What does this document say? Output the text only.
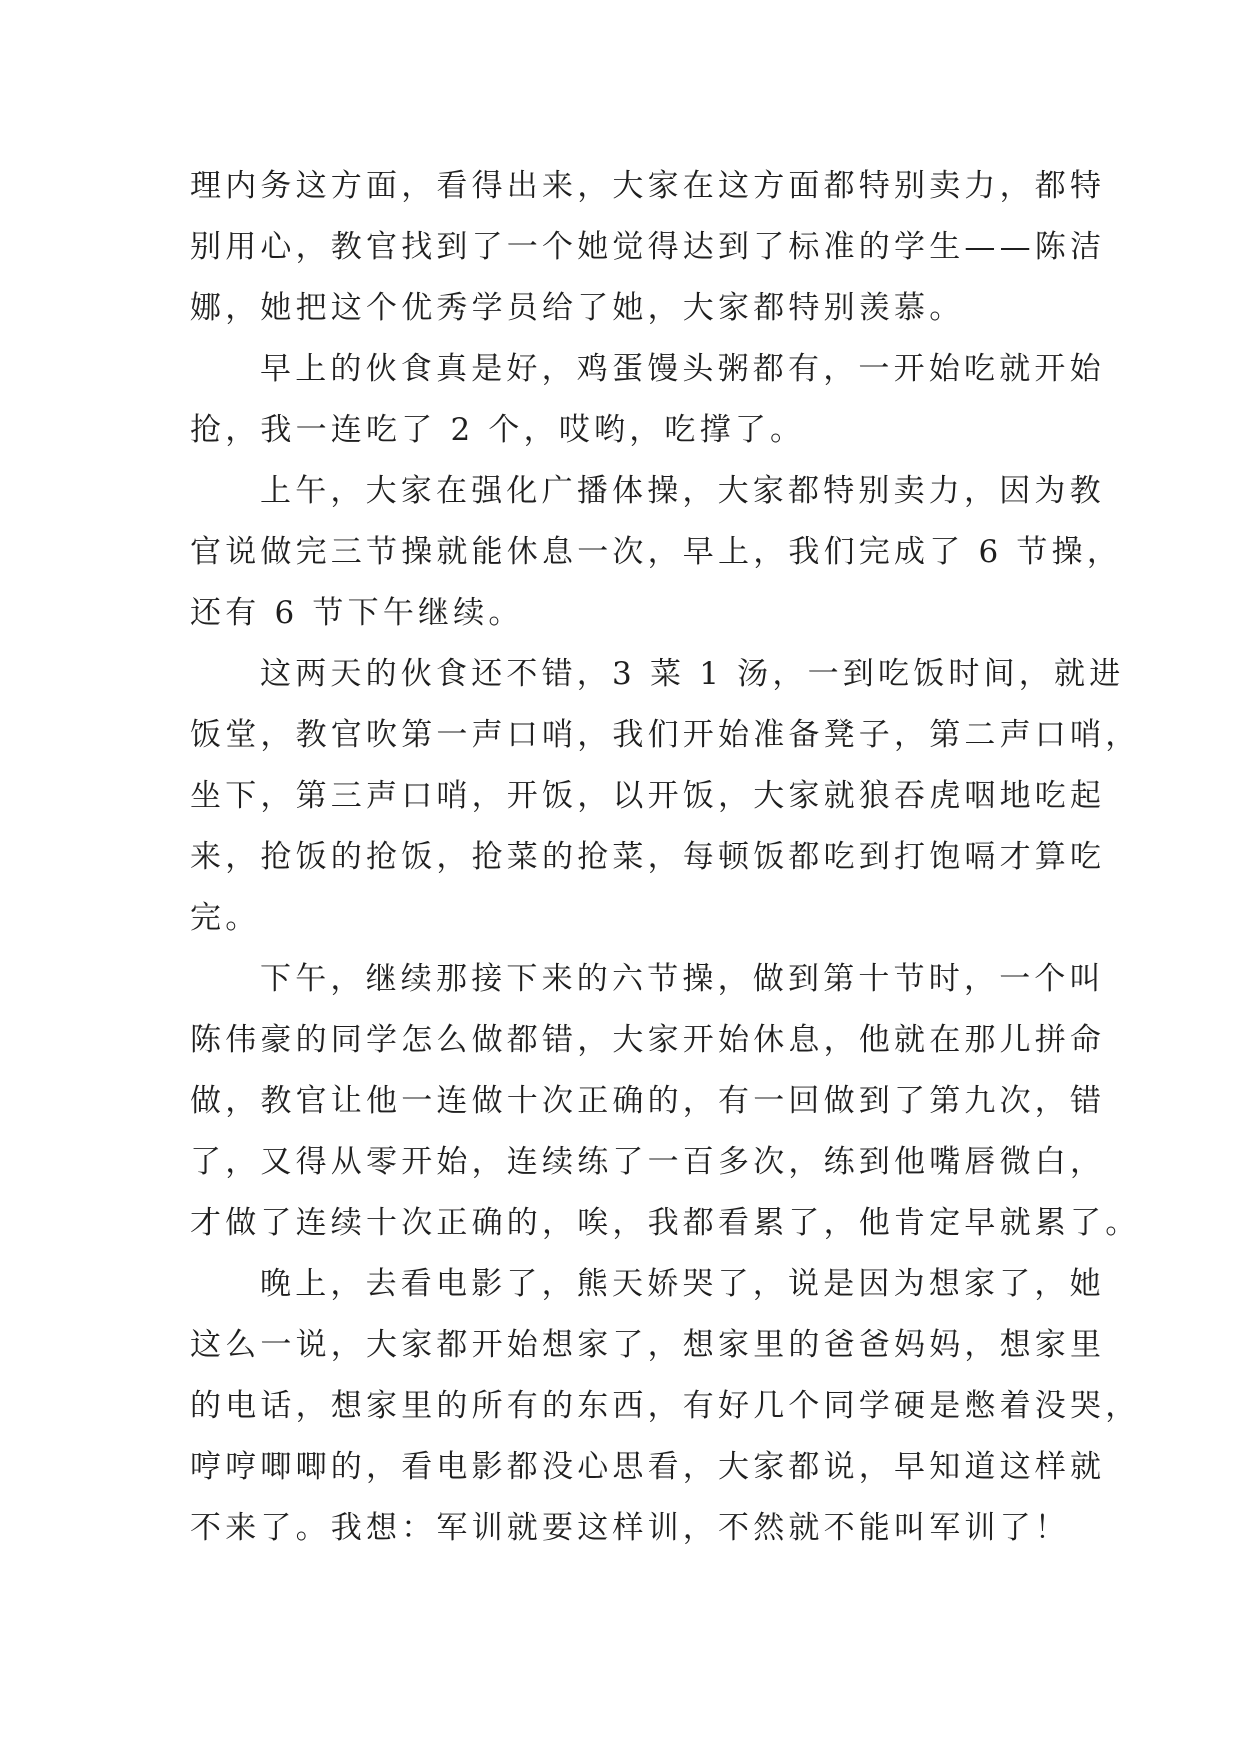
理内务这方面，看得出来，大家在这方面都特别卖力，都特
别用心，教官找到了一个她觉得达到了标准的学生——陈洁
娜，她把这个优秀学员给了她，大家都特别羡慕。
早上的伙食真是好，鸡蛋馒头粥都有，一开始吃就开始
抢，我一连吃了 2 个，哎哟，吃撑了。
上午，大家在强化广播体操，大家都特别卖力，因为教
官说做完三节操就能休息一次，早上，我们完成了 6 节操，
还有 6 节下午继续。
这两天的伙食还不错，3 菜 1 汤，一到吃饭时间，就进
饭堂，教官吹第一声口哨，我们开始准备凳子，第二声口哨，
坐下，第三声口哨，开饭，以开饭，大家就狼吞虎咽地吃起
来，抢饭的抢饭，抢菜的抢菜，每顿饭都吃到打饱嗝才算吃
完。
下午，继续那接下来的六节操，做到第十节时，一个叫
陈伟豪的同学怎么做都错，大家开始休息，他就在那儿拼命
做，教官让他一连做十次正确的，有一回做到了第九次，错
了，又得从零开始，连续练了一百多次，练到他嘴唇微白，
才做了连续十次正确的，唉，我都看累了，他肯定早就累了。
晚上，去看电影了，熊天娇哭了，说是因为想家了，她
这么一说，大家都开始想家了，想家里的爸爸妈妈，想家里
的电话，想家里的所有的东西，有好几个同学硬是憋着没哭，
哼哼唧唧的，看电影都没心思看，大家都说，早知道这样就
不来了。我想：军训就要这样训，不然就不能叫军训了！
